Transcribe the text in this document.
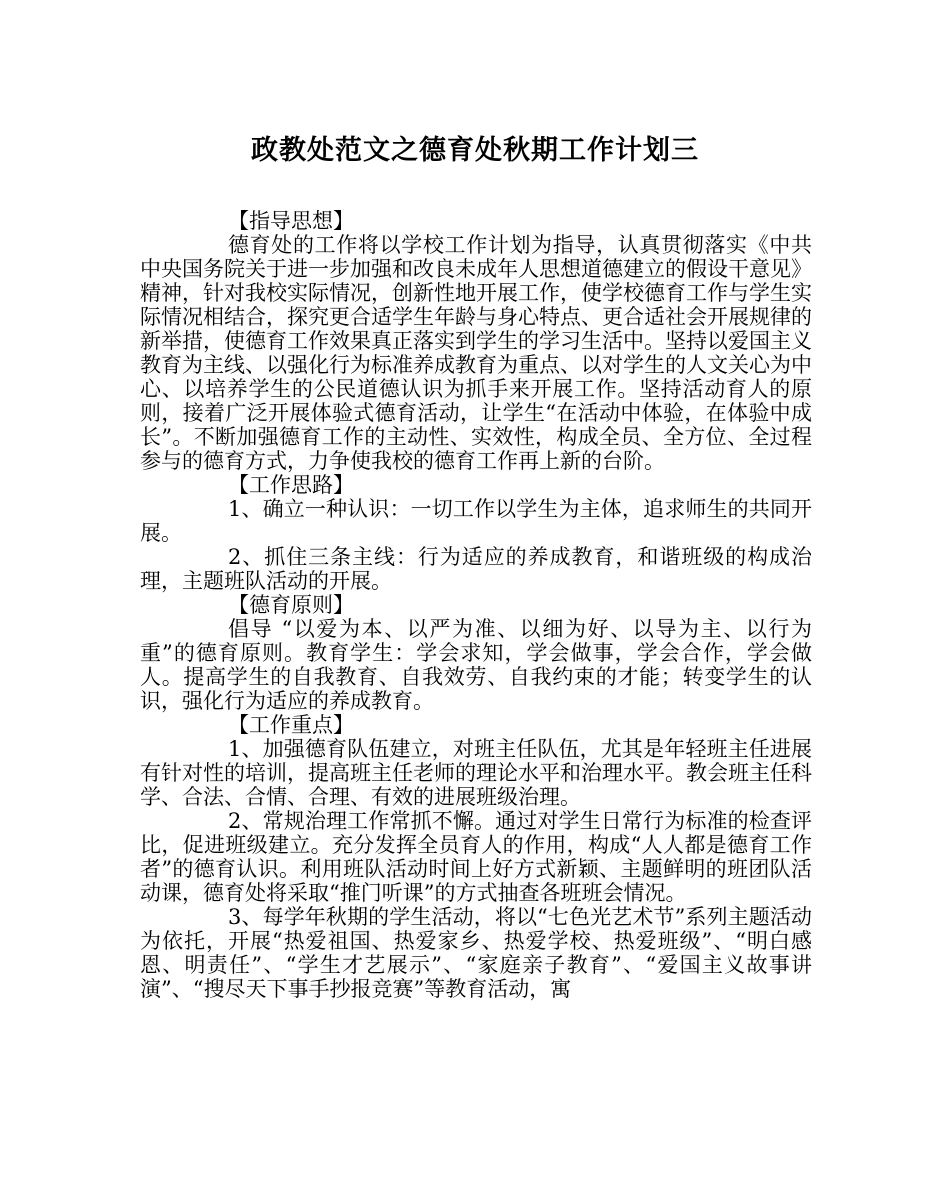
政教处范文之德育处秋期工作计划三

【指导思想】

德育处的工作将以学校工作计划为指导，认真贯彻落实《中共中央国务院关于进一步加强和改良未成年人思想道德建立的假设干意见》精神，针对我校实际情况，创新性地开展工作，使学校德育工作与学生实际情况相结合，探究更合适学生年龄与身心特点、更合适社会开展规律的新举措，使德育工作效果真正落实到学生的学习生活中。坚持以爱国主义教育为主线、以强化行为标准养成教育为重点、以对学生的人文关心为中心、以培养学生的公民道德认识为抓手来开展工作。坚持活动育人的原则，接着广泛开展体验式德育活动，让学生“在活动中体验，在体验中成长”。不断加强德育工作的主动性、实效性，构成全员、全方位、全过程参与的德育方式，力争使我校的德育工作再上新的台阶。

【工作思路】

1、确立一种认识：一切工作以学生为主体，追求师生的共同开展。

2、抓住三条主线：行为适应的养成教育，和谐班级的构成治理，主题班队活动的开展。

【德育原则】

倡导 “以爱为本、以严为准、以细为好、以导为主、以行为重”的德育原则。教育学生：学会求知，学会做事，学会合作，学会做人。提高学生的自我教育、自我效劳、自我约束的才能；转变学生的认识，强化行为适应的养成教育。

【工作重点】

1、加强德育队伍建立，对班主任队伍，尤其是年轻班主任进展有针对性的培训，提高班主任老师的理论水平和治理水平。教会班主任科学、合法、合情、合理、有效的进展班级治理。

2、常规治理工作常抓不懈。通过对学生日常行为标准的检查评比，促进班级建立。充分发挥全员育人的作用，构成“人人都是德育工作者”的德育认识。利用班队活动时间上好方式新颖、主题鲜明的班团队活动课，德育处将采取“推门听课”的方式抽查各班班会情况。

3、每学年秋期的学生活动，将以“七色光艺术节”系列主题活动为依托，开展“热爱祖国、热爱家乡、热爱学校、热爱班级”、“明白感恩、明责任”、“学生才艺展示”、“家庭亲子教育”、“爱国主义故事讲演”、“搜尽天下事手抄报竞赛”等教育活动，寓
